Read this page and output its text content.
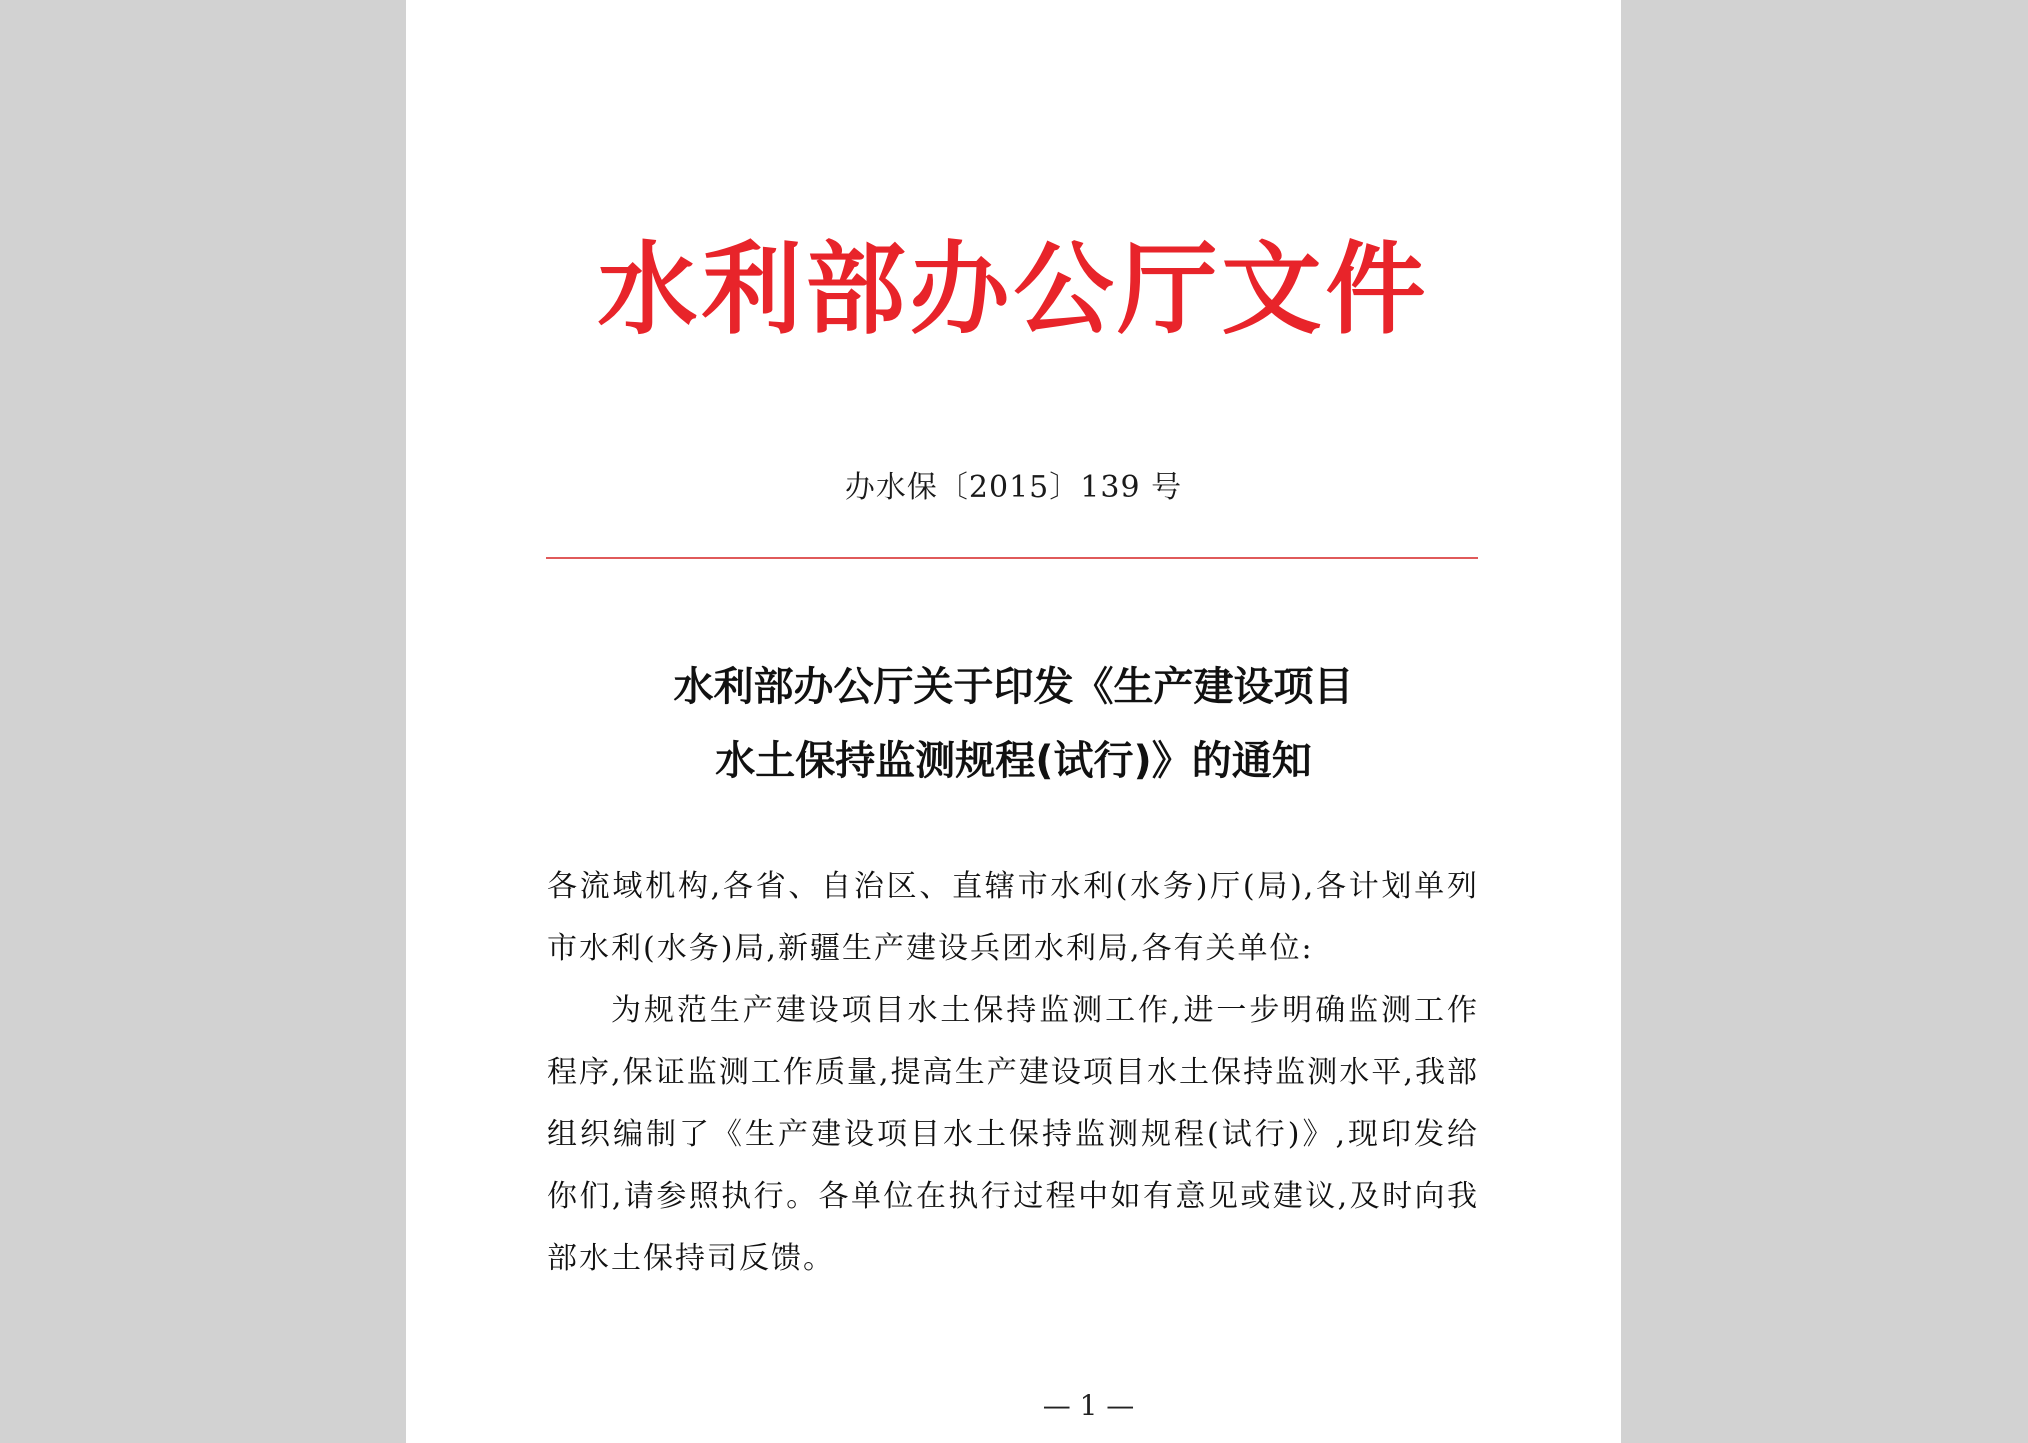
水利部办公厅文件
办水保〔2015〕139 号
水利部办公厅关于印发《生产建设项目
水土保持监测规程(试行)》的通知

各流域机构,各省、自治区、直辖市水利(水务)厅(局),各计划单列市水利(水务)局,新疆生产建设兵团水利局,各有关单位:

为规范生产建设项目水土保持监测工作,进一步明确监测工作程序,保证监测工作质量,提高生产建设项目水土保持监测水平,我部组织编制了《生产建设项目水土保持监测规程(试行)》,现印发给你们,请参照执行。各单位在执行过程中如有意见或建议,及时向我部水土保持司反馈。

— 1 —
